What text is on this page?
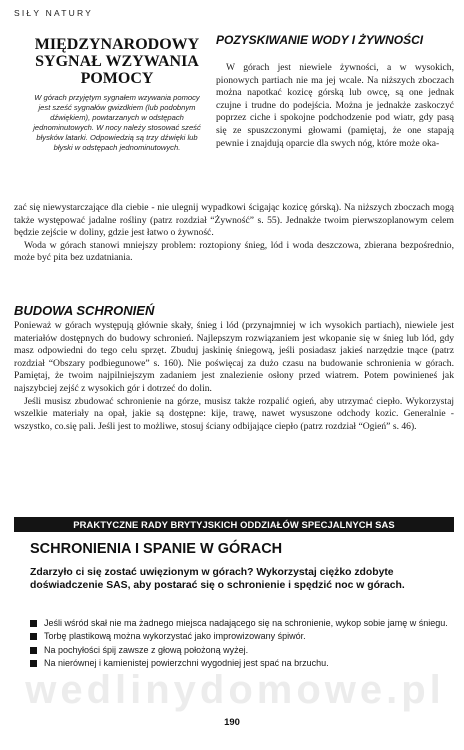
SIŁY NATURY
MIĘDZYNARODOWY SYGNAŁ WZYWANIA POMOCY

W górach przyjętym sygnałem wzywania pomocy jest sześć sygnałów gwizdkiem (lub podobnym dźwiękiem), powtarzanych w odstępach jednominutowych. W nocy należy stosować sześć błysków latarki. Odpowiedzią są trzy dźwięki lub błyski w odstępach jednominutowych.

POZYSKIWANIE WODY I ŻYWNOŚCI

W górach jest niewiele żywności, a w wysokich, pionowych partiach nie ma jej wcale. Na niższych zboczach można napotkać kozicę górską lub owcę, są one jednak czujne i trudne do podejścia. Można je jednakże zaskoczyć poprzez ciche i spokojne podchodzenie pod wiatr, gdy pasą się ze spuszczonymi głowami (pamiętaj, że one stapają pewnie i znajdują oparcie dla swych nóg, które może oka-

zać się niewystarczające dla ciebie - nie ulegnij wypadkowi ścigając kozicę górską). Na niższych zboczach mogą także występować jadalne rośliny (patrz rozdział “Żywność” s. 55). Jednakże twoim pierwszoplanowym celem będzie zejście w doliny, gdzie jest łatwo o żywność.

Woda w górach stanowi mniejszy problem: roztopiony śnieg, lód i woda deszczowa, zbierana bezpośrednio, może być pita bez uzdatniania.

BUDOWA SCHRONIEŃ

Ponieważ w górach występują głównie skały, śnieg i lód (przynajmniej w ich wysokich partiach), niewiele jest materiałów dostępnych do budowy schronień. Najlepszym rozwiązaniem jest wkopanie się w śnieg lub lód, gdy masz odpowiedni do tego celu sprzęt. Zbuduj jaskinię śniegową, jeśli posiadasz jakieś narzędzie tnące (patrz rozdział “Obszary podbiegunowe” s. 160). Nie poświęcaj za dużo czasu na budowanie schronienia w górach. Pamiętaj, że twoim najpilniejszym zadaniem jest znalezienie osłony przed wiatrem. Potem powinieneś jak najszybciej zejść z wysokich gór i dotrzeć do dolin.

Jeśli musisz zbudować schronienie na górze, musisz także rozpalić ogień, aby utrzymać ciepło. Wykorzystaj wszelkie materiały na opał, jakie są dostępne: kije, trawę, nawet wysuszone odchody kozic. Generalnie - wszystko, co.się pali. Jeśli jest to możliwe, stosuj ściany odbijające ciepło (patrz rozdział “Ogień” s. 46).

PRAKTYCZNE RADY BRYTYJSKICH ODDZIAŁÓW SPECJALNYCH SAS
SCHRONIENIA I SPANIE W GÓRACH

Zdarzyło ci się zostać uwięzionym w górach? Wykorzystaj ciężko zdobyte doświadczenie SAS, aby postarać się o schronienie i spędzić noc w górach.

Jeśli wśród skał nie ma żadnego miejsca nadającego się na schronienie, wykop sobie jamę w śniegu.
Torbę plastikową można wykorzystać jako improwizowany śpiwór.
Na pochyłości śpij zawsze z głową położoną wyżej.
Na nierównej i kamienistej powierzchni wygodniej jest spać na brzuchu.
wedlinydomowe.pl
190
